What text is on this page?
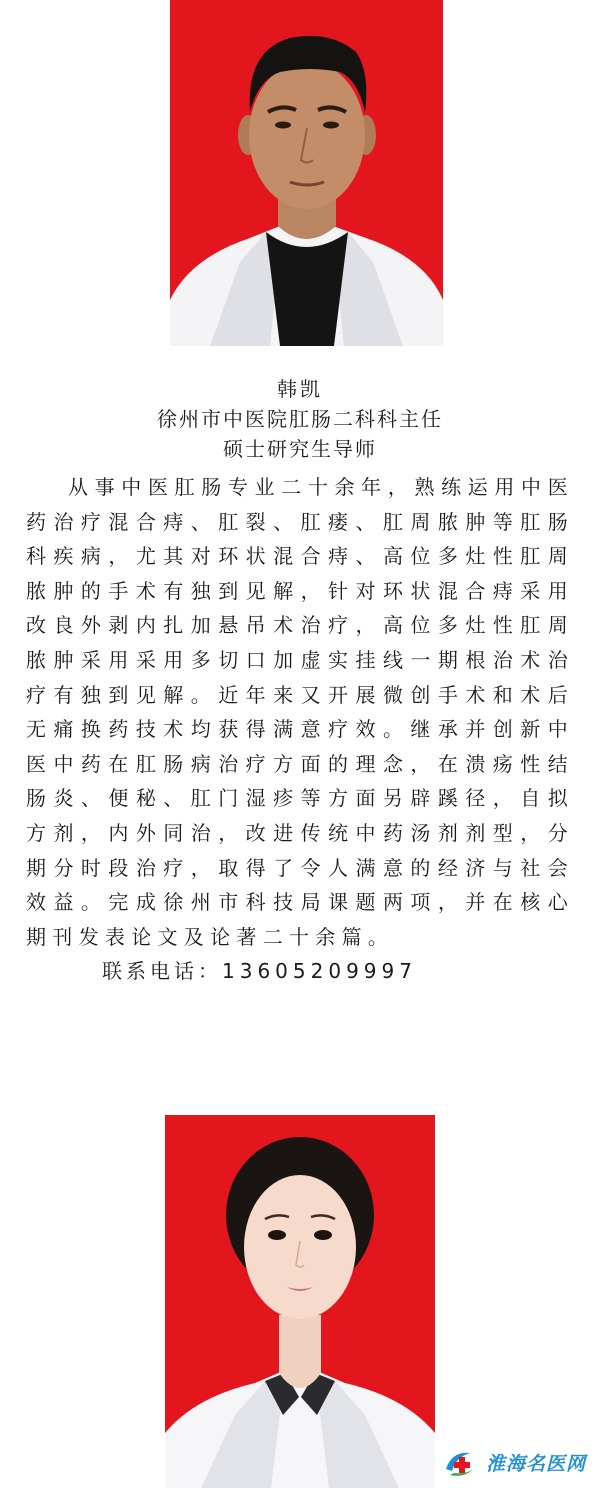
韩凯

徐州市中医院肛肠二科科主任

硕士研究生导师

从事中医肛肠专业二十余年，熟练运用中医药治疗混合痔、肛裂、肛瘘、肛周脓肿等肛肠科疾病，尤其对环状混合痔、高位多灶性肛周脓肿的手术有独到见解，针对环状混合痔采用改良外剥内扎加悬吊术治疗，高位多灶性肛周脓肿采用采用多切口加虚实挂线一期根治术治疗有独到见解。近年来又开展微创手术和术后无痛换药技术均获得满意疗效。继承并创新中医中药在肛肠病治疗方面的理念，在溃疡性结肠炎、便秘、肛门湿疹等方面另辟蹊径，自拟方剂，内外同治，改进传统中药汤剂剂型，分期分时段治疗，取得了令人满意的经济与社会效益。完成徐州市科技局课题两项，并在核心期刊发表论文及论著二十余篇。

联系电话：13605209997

淮海名医网
